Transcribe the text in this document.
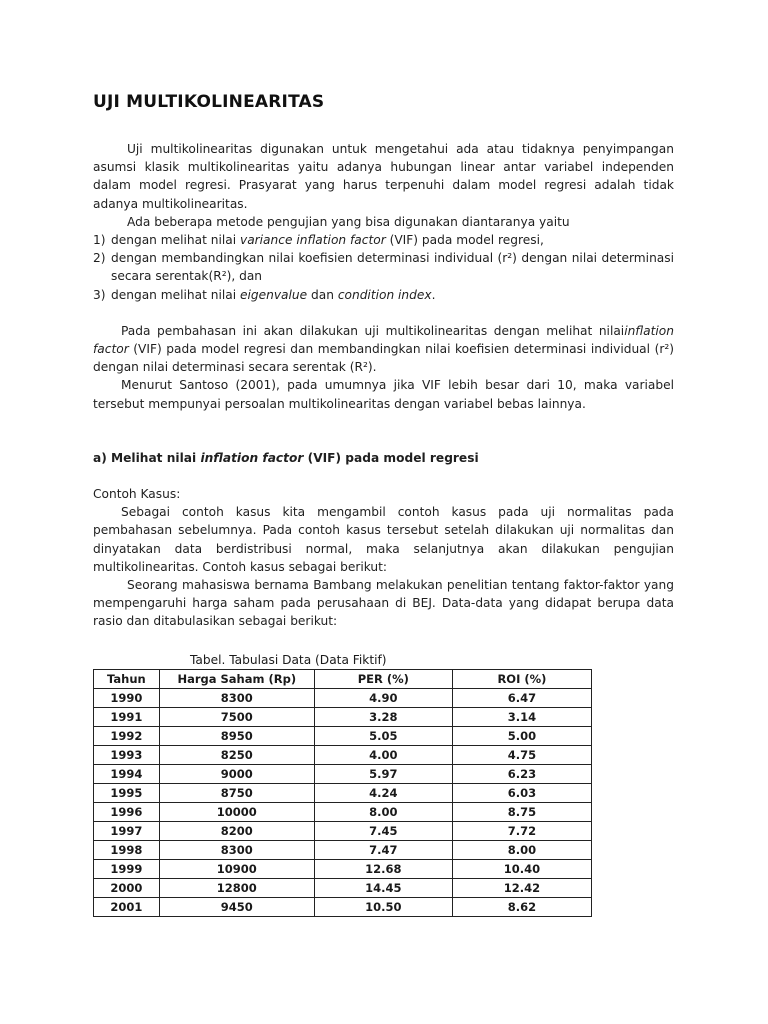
UJI MULTIKOLINEARITAS

Uji multikolinearitas digunakan untuk mengetahui ada atau tidaknya penyimpangan asumsi klasik multikolinearitas yaitu adanya hubungan linear antar variabel independen dalam model regresi. Prasyarat yang harus terpenuhi dalam model regresi adalah tidak adanya multikolinearitas.

Ada beberapa metode pengujian yang bisa digunakan diantaranya yaitu

1) dengan melihat nilai variance inflation factor (VIF) pada model regresi,
2) dengan membandingkan nilai koefisien determinasi individual (r²) dengan nilai determinasi secara serentak(R²), dan
3) dengan melihat nilai eigenvalue dan condition index.

Pada pembahasan ini akan dilakukan uji multikolinearitas dengan melihat nilaiinflation factor (VIF) pada model regresi dan membandingkan nilai koefisien determinasi individual (r²) dengan nilai determinasi secara serentak (R²).

Menurut Santoso (2001), pada umumnya jika VIF lebih besar dari 10, maka variabel tersebut mempunyai persoalan multikolinearitas dengan variabel bebas lainnya.

a) Melihat nilai inflation factor (VIF) pada model regresi

Contoh Kasus:

Sebagai contoh kasus kita mengambil contoh kasus pada uji normalitas pada pembahasan sebelumnya. Pada contoh kasus tersebut setelah dilakukan uji normalitas dan dinyatakan data berdistribusi normal, maka selanjutnya akan dilakukan pengujian multikolinearitas. Contoh kasus sebagai berikut:

Seorang mahasiswa bernama Bambang melakukan penelitian tentang faktor-faktor yang mempengaruhi harga saham pada perusahaan di BEJ. Data-data yang didapat berupa data rasio dan ditabulasikan sebagai berikut:

Tabel. Tabulasi Data (Data Fiktif)
Tahun	Harga Saham (Rp)	PER (%)	ROI (%)
1990	8300	4.90	6.47
1991	7500	3.28	3.14
1992	8950	5.05	5.00
1993	8250	4.00	4.75
1994	9000	5.97	6.23
1995	8750	4.24	6.03
1996	10000	8.00	8.75
1997	8200	7.45	7.72
1998	8300	7.47	8.00
1999	10900	12.68	10.40
2000	12800	14.45	12.42
2001	9450	10.50	8.62
